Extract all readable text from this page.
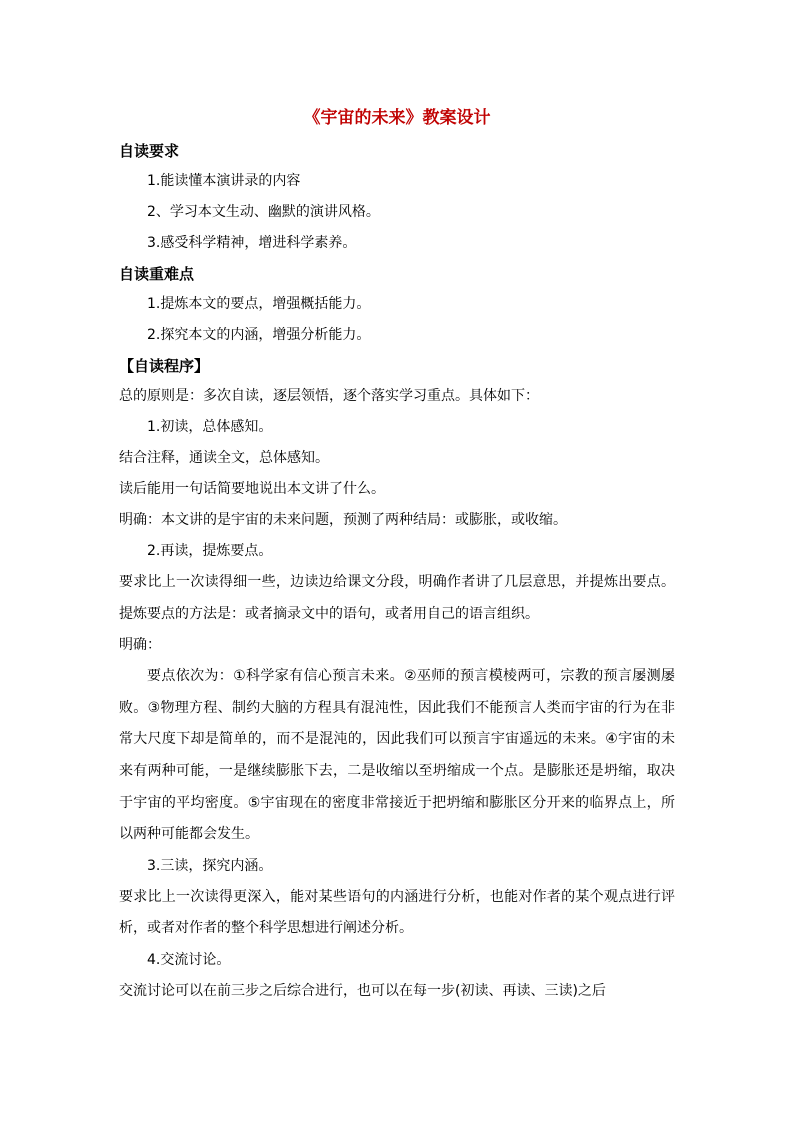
《宇宙的未来》教案设计
自读要求
1.能读懂本演讲录的内容
2、学习本文生动、幽默的演讲风格。
3.感受科学精神，增进科学素养。
自读重难点
1.提炼本文的要点，增强概括能力。
2.探究本文的内涵，增强分析能力。
【自读程序】
总的原则是：多次自读，逐层领悟，逐个落实学习重点。具体如下：
1.初读，总体感知。
结合注释，通读全文，总体感知。
读后能用一句话简要地说出本文讲了什么。
明确：本文讲的是宇宙的未来问题，预测了两种结局：或膨胀，或收缩。
2.再读，提炼要点。

要求比上一次读得细一些，边读边给课文分段，明确作者讲了几层意思，并提炼出要点。提炼要点的方法是：或者摘录文中的语句，或者用自己的语言组织。

明确：

要点依次为：①科学家有信心预言未来。②巫师的预言模棱两可，宗教的预言屡测屡败。③物理方程、制约大脑的方程具有混沌性，因此我们不能预言人类而宇宙的行为在非常大尺度下却是简单的，而不是混沌的，因此我们可以预言宇宙遥远的未来。④宇宙的未来有两种可能，一是继续膨胀下去，二是收缩以至坍缩成一个点。是膨胀还是坍缩，取决于宇宙的平均密度。⑤宇宙现在的密度非常接近于把坍缩和膨胀区分开来的临界点上，所以两种可能都会发生。

3.三读，探究内涵。

要求比上一次读得更深入，能对某些语句的内涵进行分析，也能对作者的某个观点进行评析，或者对作者的整个科学思想进行阐述分析。

4.交流讨论。

交流讨论可以在前三步之后综合进行，也可以在每一步(初读、再读、三读)之后
